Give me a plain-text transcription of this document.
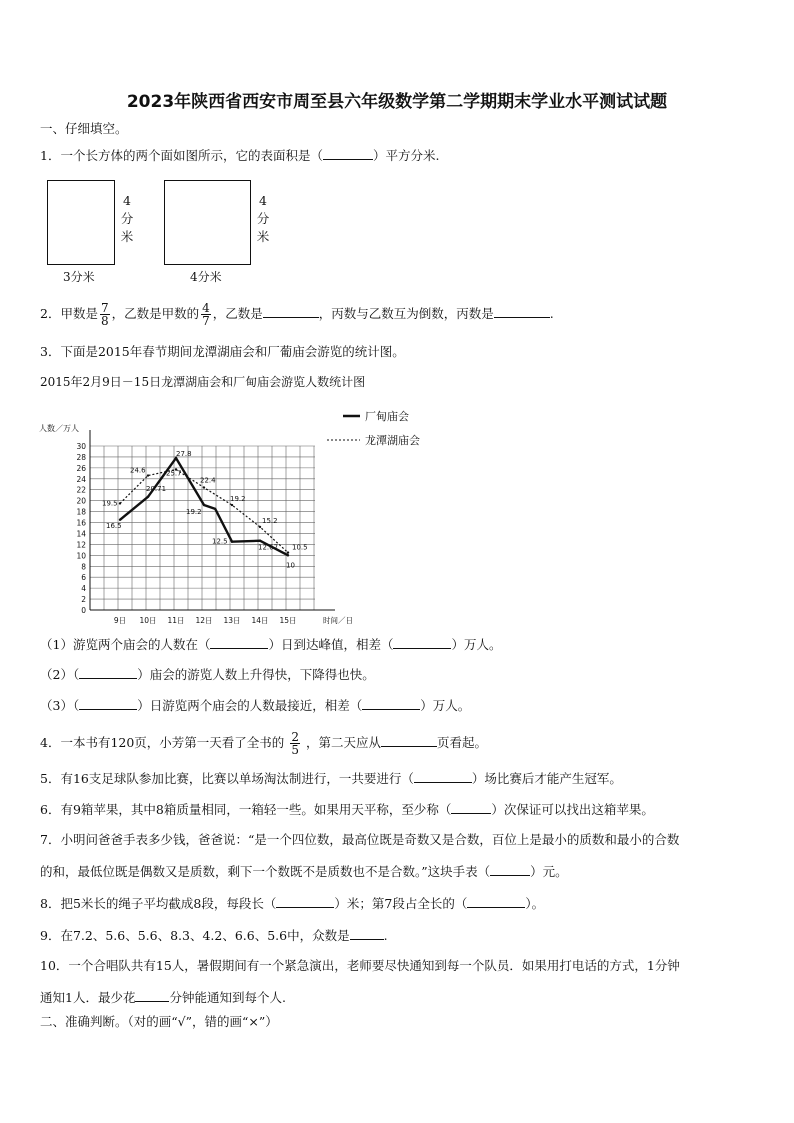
2023年陕西省西安市周至县六年级数学第二学期期末学业水平测试试题
一、仔细填空。
1．一个长方体的两个面如图所示，它的表面积是（	）平方分米.
4
分
米
3分米
4
分
米
4分米
2．甲数是 $\frac{7}{8}$ ，乙数是甲数的 $\frac{4}{7}$ ，乙数是	，丙数与乙数互为倒数，丙数是	.
3．下面是2015年春节期间龙潭湖庙会和厂葡庙会游览的统计图。
2015年2月9日－15日龙潭湖庙会和厂甸庙会游览人数统计图
0
2
4
6
8
10
12
14
16
18
20
22
24
26
28
30
人数／万人
9日 10日 11日 12日 13日 14日 15日	时间／日
16.5
20.71
27.8
19.2
12.5
12.67
10
19.5
24.6	25.7
22.4
19.2
15.2
10.5
厂甸庙会
龙潭湖庙会
（1）游览两个庙会的人数在（	）日到达峰值，相差（	）万人。
（2）（	）庙会的游览人数上升得快，下降得也快。
（3）（	）日游览两个庙会的人数最接近，相差（	）万人。
4．一本书有120页，小芳第一天看了全书的 $\frac{2}{5}$ ，第二天应从	页看起。
5．有16支足球队参加比赛，比赛以单场淘汰制进行，一共要进行（	）场比赛后才能产生冠军。
6．有9箱苹果，其中8箱质量相同，一箱轻一些。如果用天平称，至少称（	）次保证可以找出这箱苹果。
7．小明问爸爸手表多少钱，爸爸说：“是一个四位数，最高位既是奇数又是合数，百位上是最小的质数和最小的合数
的和，最低位既是偶数又是质数，剩下一个数既不是质数也不是合数。”这块手表（	）元。
8．把5米长的绳子平均截成8段，每段长（	）米；第7段占全长的（	）。
9．在7.2、5.6、5.6、8.3、4.2、6.6、5.6中，众数是	.
10．一个合唱队共有15人，暑假期间有一个紧急演出，老师要尽快通知到每一个队员．如果用打电话的方式，1分钟
通知1人．最少花	分钟能通知到每个人.
二、准确判断。（对的画“√”，错的画“×”）
